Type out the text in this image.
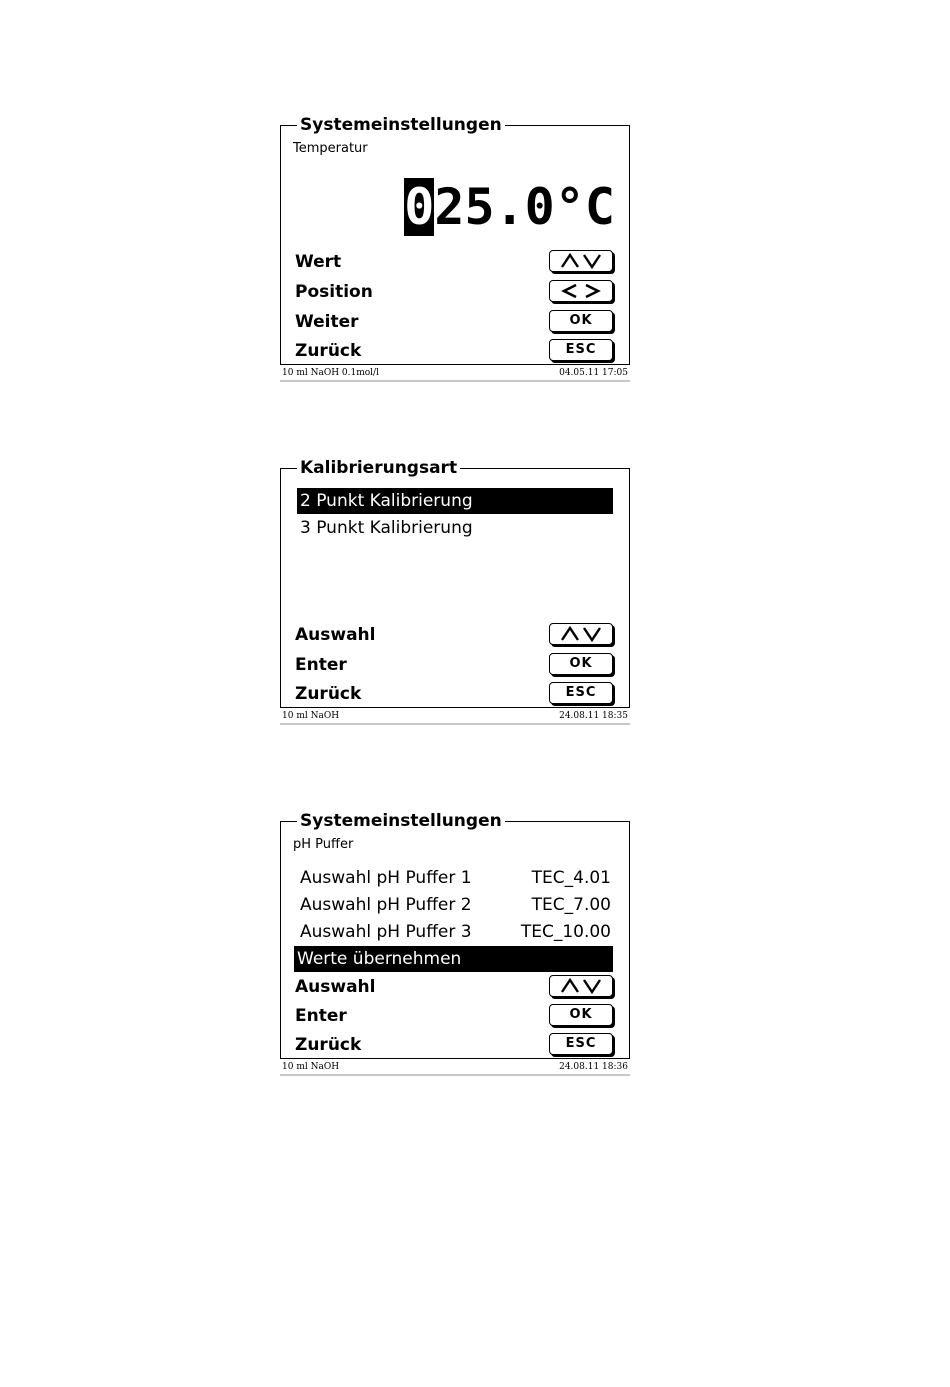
Systemeinstellungen
Temperatur
025.0°C
Wert
Position
Weiter	OK
Zurück	ESC
10 ml NaOH 0.1mol/l	04.05.11 17:05
Kalibrierungsart
2 Punkt Kalibrierung
3 Punkt Kalibrierung
Auswahl
Enter	OK
Zurück	ESC
10 ml NaOH	24.08.11 18:35
Systemeinstellungen
pH Puffer
Auswahl pH Puffer 1	TEC_4.01
Auswahl pH Puffer 2	TEC_7.00
Auswahl pH Puffer 3	TEC_10.00
Werte übernehmen
Auswahl
Enter	OK
Zurück	ESC
10 ml NaOH	24.08.11 18:36
